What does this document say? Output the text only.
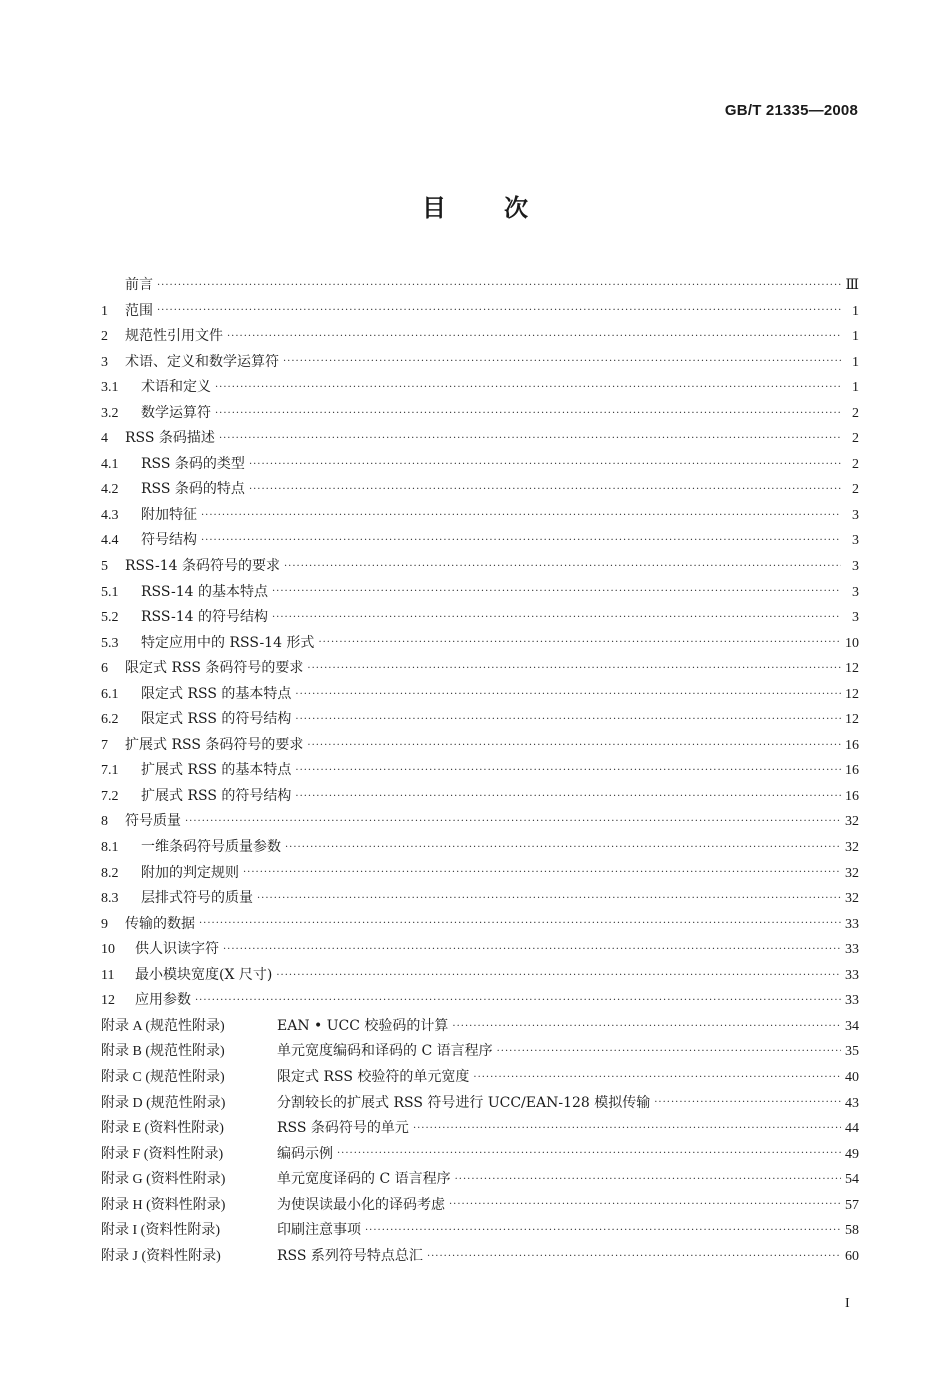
GB/T 21335—2008
目次
前言 ·····	Ⅲ
1	范围 ·····	1
2	规范性引用文件 ·····	1
3	术语、定义和数学运算符 ·····	1
3.1	术语和定义 ·····	1
3.2	数学运算符 ·····	2
4	RSS 条码描述 ·····	2
4.1	RSS 条码的类型 ·····	2
4.2	RSS 条码的特点 ·····	2
4.3	附加特征 ·····	3
4.4	符号结构 ·····	3
5	RSS-14 条码符号的要求 ·····	3
5.1	RSS-14 的基本特点 ·····	3
5.2	RSS-14 的符号结构 ·····	3
5.3	特定应用中的 RSS-14 形式 ·····	10
6	限定式 RSS 条码符号的要求 ·····	12
6.1	限定式 RSS 的基本特点 ·····	12
6.2	限定式 RSS 的符号结构 ·····	12
7	扩展式 RSS 条码符号的要求 ·····	16
7.1	扩展式 RSS 的基本特点 ·····	16
7.2	扩展式 RSS 的符号结构 ·····	16
8	符号质量 ·····	32
8.1	一维条码符号质量参数 ·····	32
8.2	附加的判定规则 ·····	32
8.3	层排式符号的质量 ·····	32
9	传输的数据 ·····	33
10	供人识读字符 ·····	33
11	最小模块宽度(X 尺寸) ·····	33
12	应用参数 ·····	33
附录 A (规范性附录)	EAN • UCC 校验码的计算 ·····	34
附录 B (规范性附录)	单元宽度编码和译码的 C 语言程序 ·····	35
附录 C (规范性附录)	限定式 RSS 校验符的单元宽度 ·····	40
附录 D (规范性附录)	分割较长的扩展式 RSS 符号进行 UCC/EAN-128 模拟传输 ·····	43
附录 E (资料性附录)	RSS 条码符号的单元 ·····	44
附录 F (资料性附录)	编码示例 ·····	49
附录 G (资料性附录)	单元宽度译码的 C 语言程序 ·····	54
附录 H (资料性附录)	为使误读最小化的译码考虑 ·····	57
附录 I (资料性附录)	印刷注意事项 ·····	58
附录 J (资料性附录)	RSS 系列符号特点总汇 ·····	60
I
